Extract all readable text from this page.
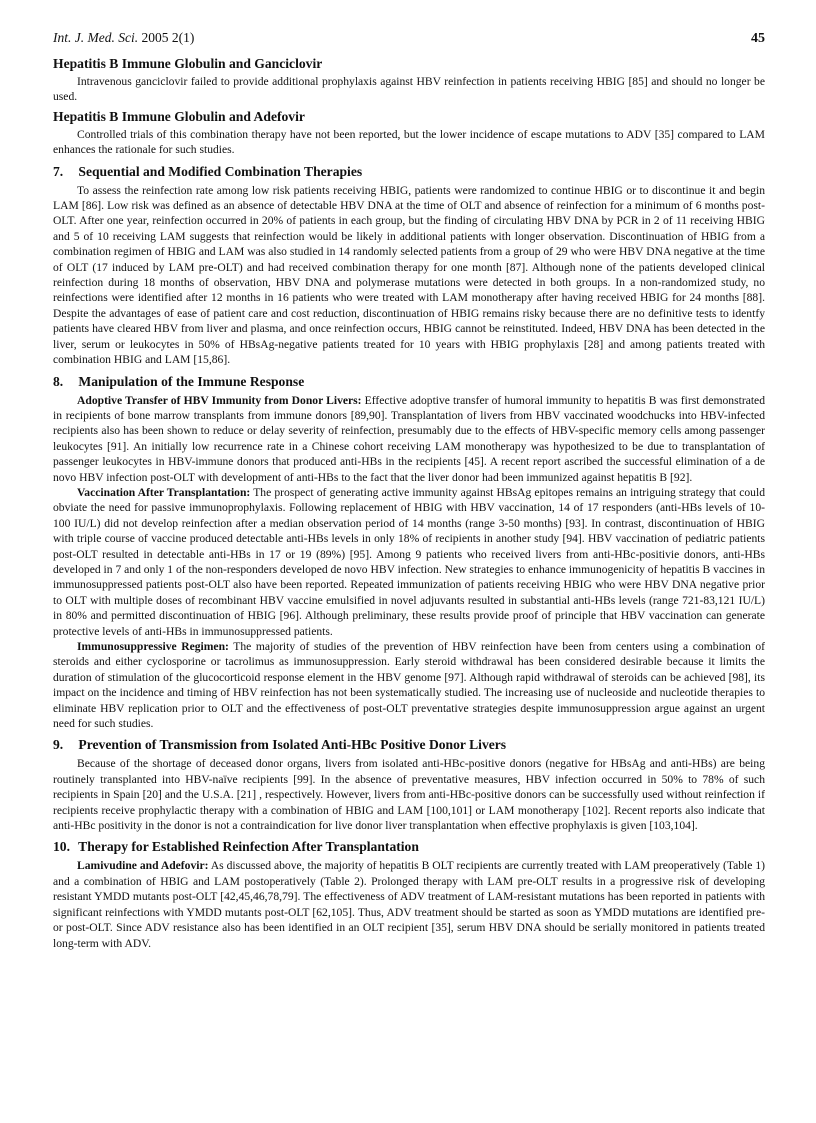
Int. J. Med. Sci. 2005 2(1)	45
Hepatitis B Immune Globulin and Ganciclovir

Intravenous ganciclovir failed to provide additional prophylaxis against HBV reinfection in patients receiving HBIG [85] and should no longer be used.

Hepatitis B Immune Globulin and Adefovir

Controlled trials of this combination therapy have not been reported, but the lower incidence of escape mutations to ADV [35] compared to LAM enhances the rationale for such studies.

7. Sequential and Modified Combination Therapies

To assess the reinfection rate among low risk patients receiving HBIG, patients were randomized to continue HBIG or to discontinue it and begin LAM [86]. Low risk was defined as an absence of detectable HBV DNA at the time of OLT and absence of reinfection for a minimum of 6 months post-OLT. After one year, reinfection occurred in 20% of patients in each group, but the finding of circulating HBV DNA by PCR in 2 of 11 receiving HBIG and 5 of 10 receiving LAM suggests that reinfection would be likely in additional patients with longer observation. Discontinuation of HBIG from a combination regimen of HBIG and LAM was also studied in 14 randomly selected patients from a group of 29 who were HBV DNA negative at the time of OLT (17 induced by LAM pre-OLT) and had received combination therapy for one month [87]. Although none of the patients developed clinical reinfection during 18 months of observation, HBV DNA and polymerase mutations were detected in both groups. In a non-randomized study, no reinfections were identified after 12 months in 16 patients who were treated with LAM monotherapy after having received HBIG for 24 months [88]. Despite the advantages of ease of patient care and cost reduction, discontinuation of HBIG remains risky because there are no definitive tests to identfy patients have cleared HBV from liver and plasma, and once reinfection occurs, HBIG cannot be reinstituted. Indeed, HBV DNA has been detected in the liver, serum or leukocytes in 50% of HBsAg-negative patients treated for 10 years with HBIG prophylaxis [28] and among patients treated with combination HBIG and LAM [15,86].

8. Manipulation of the Immune Response

Adoptive Transfer of HBV Immunity from Donor Livers: Effective adoptive transfer of humoral immunity to hepatitis B was first demonstrated in recipients of bone marrow transplants from immune donors [89,90]. Transplantation of livers from HBV vaccinated woodchucks into HBV-infected recipients also has been shown to reduce or delay severity of reinfection, presumably due to the effects of HBV-specific memory cells among passenger leukocytes [91]. An initially low recurrence rate in a Chinese cohort receiving LAM monotherapy was hypothesized to be due to transplantation of passenger leukocytes in HBV-immune donors that produced anti-HBs in the recipients [45]. A recent report ascribed the successful elimination of a de novo HBV infection post-OLT with development of anti-HBs to the fact that the liver donor had been immunized against hepatitis B [92].

Vaccination After Transplantation: The prospect of generating active immunity against HBsAg epitopes remains an intriguing strategy that could obviate the need for passive immunoprophylaxis. Following replacement of HBIG with HBV vaccination, 14 of 17 responders (anti-HBs levels of 10-100 IU/L) did not develop reinfection after a median observation period of 14 months (range 3-50 months) [93]. In contrast, discontinuation of HBIG with triple course of vaccine produced detectable anti-HBs levels in only 18% of recipients in another study [94]. HBV vaccination of pediatric patients post-OLT resulted in detectable anti-HBs in 17 or 19 (89%) [95]. Among 9 patients who received livers from anti-HBc-positivie donors, anti-HBs developed in 7 and only 1 of the non-responders developed de novo HBV infection. New strategies to enhance immunogenicity of hepatitis B vaccines in immunosuppressed patients post-OLT also have been reported. Repeated immunization of patients receiving HBIG who were HBV DNA negative prior to OLT with multiple doses of recombinant HBV vaccine emulsified in novel adjuvants resulted in substantial anti-HBs levels (range 721-83,121 IU/L) in 80% and permitted discontinuation of HBIG [96]. Although preliminary, these results provide proof of principle that HBV vaccination can generate protective levels of anti-HBs in immunosuppressed patients.

Immunosuppressive Regimen: The majority of studies of the prevention of HBV reinfection have been from centers using a combination of steroids and either cyclosporine or tacrolimus as immunosuppression. Early steroid withdrawal has been considered desirable because it limits the duration of stimulation of the glucocorticoid response element in the HBV genome [97]. Although rapid withdrawal of steroids can be achieved [98], its impact on the incidence and timing of HBV reinfection has not been systematically studied. The increasing use of nucleoside and nucleotide therapies to eliminate HBV replication prior to OLT and the effectiveness of post-OLT preventative strategies despite immunosuppression argue against an urgent need for such studies.

9. Prevention of Transmission from Isolated Anti-HBc Positive Donor Livers

Because of the shortage of deceased donor organs, livers from isolated anti-HBc-positive donors (negative for HBsAg and anti-HBs) are being routinely transplanted into HBV-naïve recipients [99]. In the absence of preventative measures, HBV infection occurred in 50% to 78% of such recipients in Spain [20] and the U.S.A. [21] , respectively. However, livers from anti-HBc-positive donors can be successfully used without reinfection if recipients receive prophylactic therapy with a combination of HBIG and LAM [100,101] or LAM monotherapy [102]. Recent reports also indicate that anti-HBc positivity in the donor is not a contraindication for live donor liver transplantation when effective prophylaxis is given [103,104].

10. Therapy for Established Reinfection After Transplantation

Lamivudine and Adefovir: As discussed above, the majority of hepatitis B OLT recipients are currently treated with LAM preoperatively (Table 1) and a combination of HBIG and LAM postoperatively (Table 2). Prolonged therapy with LAM pre-OLT results in a progressive risk of developing resistant YMDD mutants post-OLT [42,45,46,78,79]. The effectiveness of ADV treatment of LAM-resistant mutations has been reported in patients with significant reinfections with YMDD mutants post-OLT [62,105]. Thus, ADV treatment should be started as soon as YMDD mutations are identified pre- or post-OLT. Since ADV resistance also has been identified in an OLT recipient [35], serum HBV DNA should be serially monitored in patients treated long-term with ADV.
